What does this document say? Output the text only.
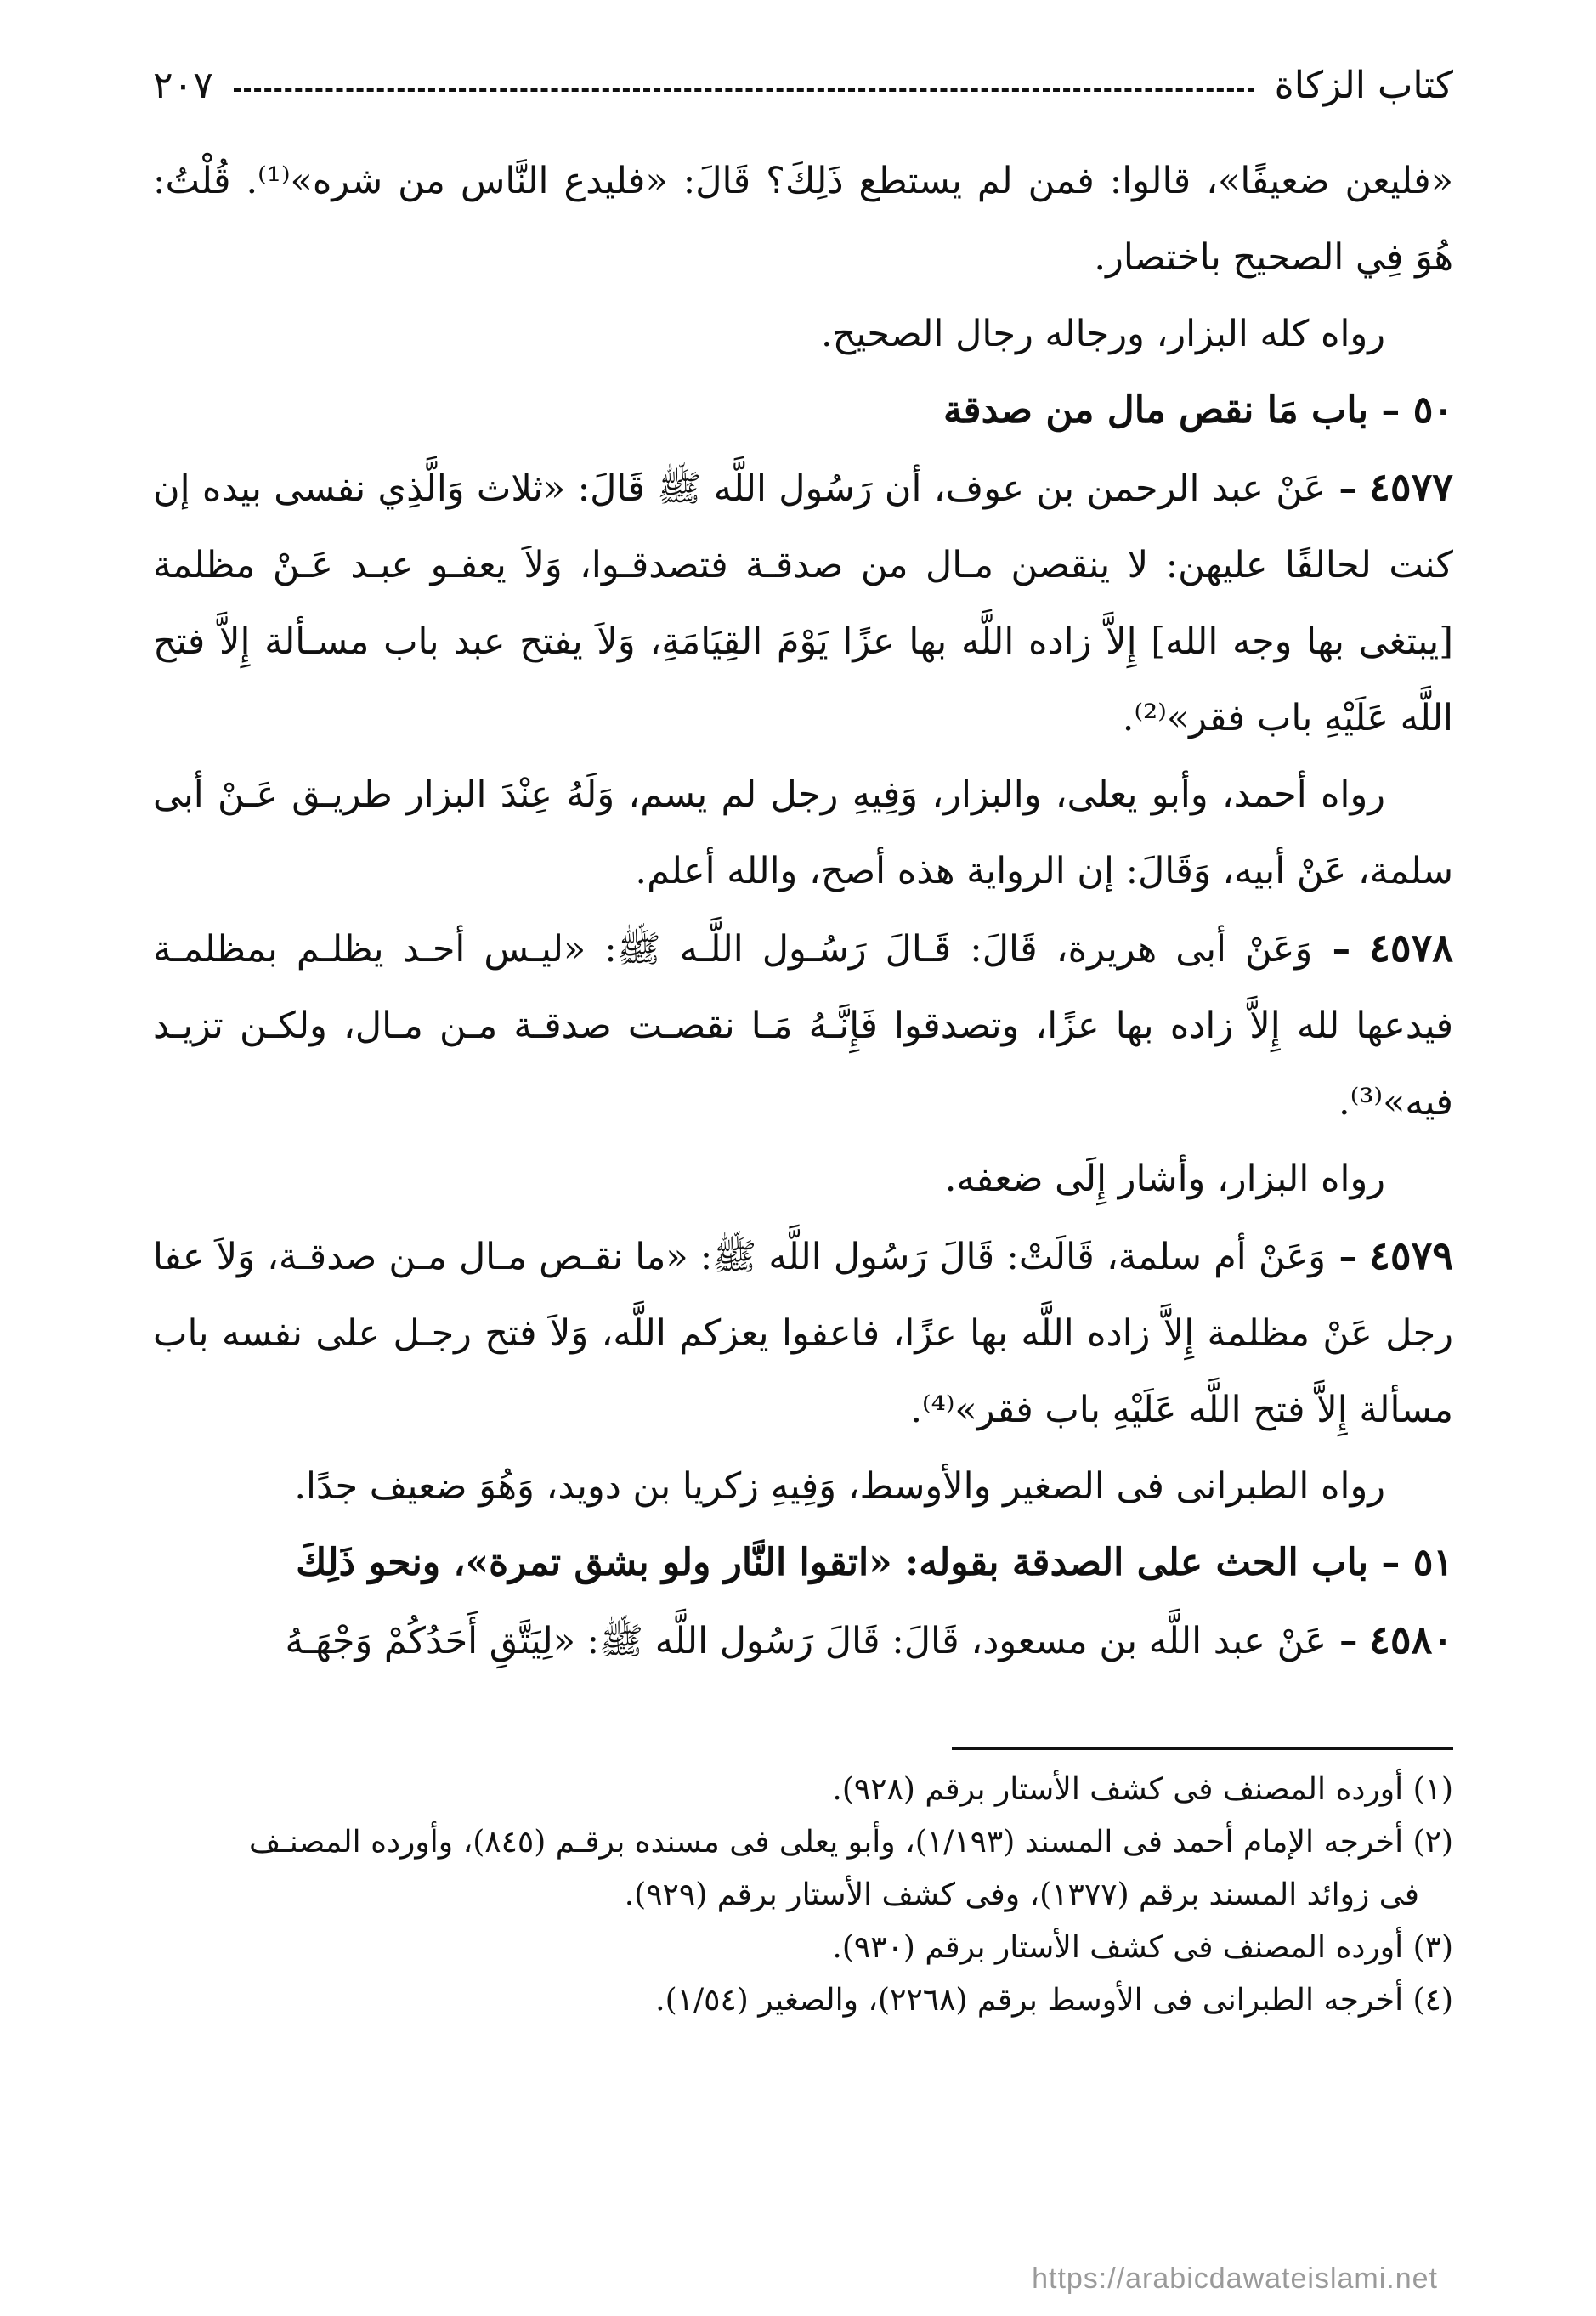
كتاب الزكاة
٢٠٧

«فليعن ضعيفًا»، قالوا: فمن لم يستطع ذَلِكَ؟ قَالَ: «فليدع النَّاس من شره»⁽¹⁾. قُلْتُ: هُوَ فِي الصحيح باختصار.

رواه كله البزار، ورجاله رجال الصحيح.

٥٠ – باب مَا نقص مال من صدقة

٤٥٧٧ – عَنْ عبد الرحمن بن عوف، أن رَسُول اللَّه ﷺ قَالَ: «ثلاث وَالَّذِي نفسى بيده إن كنت لحالفًا عليهن: لا ينقصن مـال من صدقـة فتصدقـوا، وَلاَ يعفـو عبـد عَـنْ مظلمة [يبتغى بها وجه الله] إِلاَّ زاده اللَّه بها عزًا يَوْمَ القِيَامَةِ، وَلاَ يفتح عبد باب مسـألة إِلاَّ فتح اللَّه عَلَيْهِ باب فقر»⁽²⁾.

رواه أحمد، وأبو يعلى، والبزار، وَفِيهِ رجل لم يسم، وَلَهُ عِنْدَ البزار طريـق عَـنْ أبى سلمة، عَنْ أبيه، وَقَالَ: إن الرواية هذه أصح، والله أعلم.

٤٥٧٨ – وَعَنْ أبى هريرة، قَالَ: قَـالَ رَسُـول اللَّـه ﷺ: «ليـس أحـد يظلـم بمظلمـة فيدعها لله إِلاَّ زاده بها عزًا، وتصدقوا فَإِنَّـهُ مَـا نقصـت صدقـة مـن مـال، ولكـن تزيـد فيه»⁽³⁾.

رواه البزار، وأشار إِلَى ضعفه.

٤٥٧٩ – وَعَنْ أم سلمة، قَالَتْ: قَالَ رَسُول اللَّه ﷺ: «ما نقـص مـال مـن صدقـة، وَلاَ عفا رجل عَنْ مظلمة إِلاَّ زاده اللَّه بها عزًا، فاعفوا يعزكم اللَّه، وَلاَ فتح رجـل على نفسه باب مسألة إِلاَّ فتح اللَّه عَلَيْهِ باب فقر»⁽⁴⁾.

رواه الطبرانى فى الصغير والأوسط، وَفِيهِ زكريا بن دويد، وَهُوَ ضعيف جدًا.

٥١ – باب الحث على الصدقة بقوله: «اتقوا النَّار ولو بشق تمرة»، ونحو ذَلِكَ

٤٥٨٠ – عَنْ عبد اللَّه بن مسعود، قَالَ: قَالَ رَسُول اللَّه ﷺ: «لِيَتَّقِ أَحَدُكُمْ وَجْهَـهُ

(١) أورده المصنف فى كشف الأستار برقم (٩٢٨).

(٢) أخرجه الإمام أحمد فى المسند (١/١٩٣)، وأبو يعلى فى مسنده برقـم (٨٤٥)، وأورده المصنـف

فى زوائد المسند برقم (١٣٧٧)، وفى كشف الأستار برقم (٩٢٩).

(٣) أورده المصنف فى كشف الأستار برقم (٩٣٠).

(٤) أخرجه الطبرانى فى الأوسط برقم (٢٢٦٨)، والصغير (١/٥٤).

https://arabicdawateislami.net
